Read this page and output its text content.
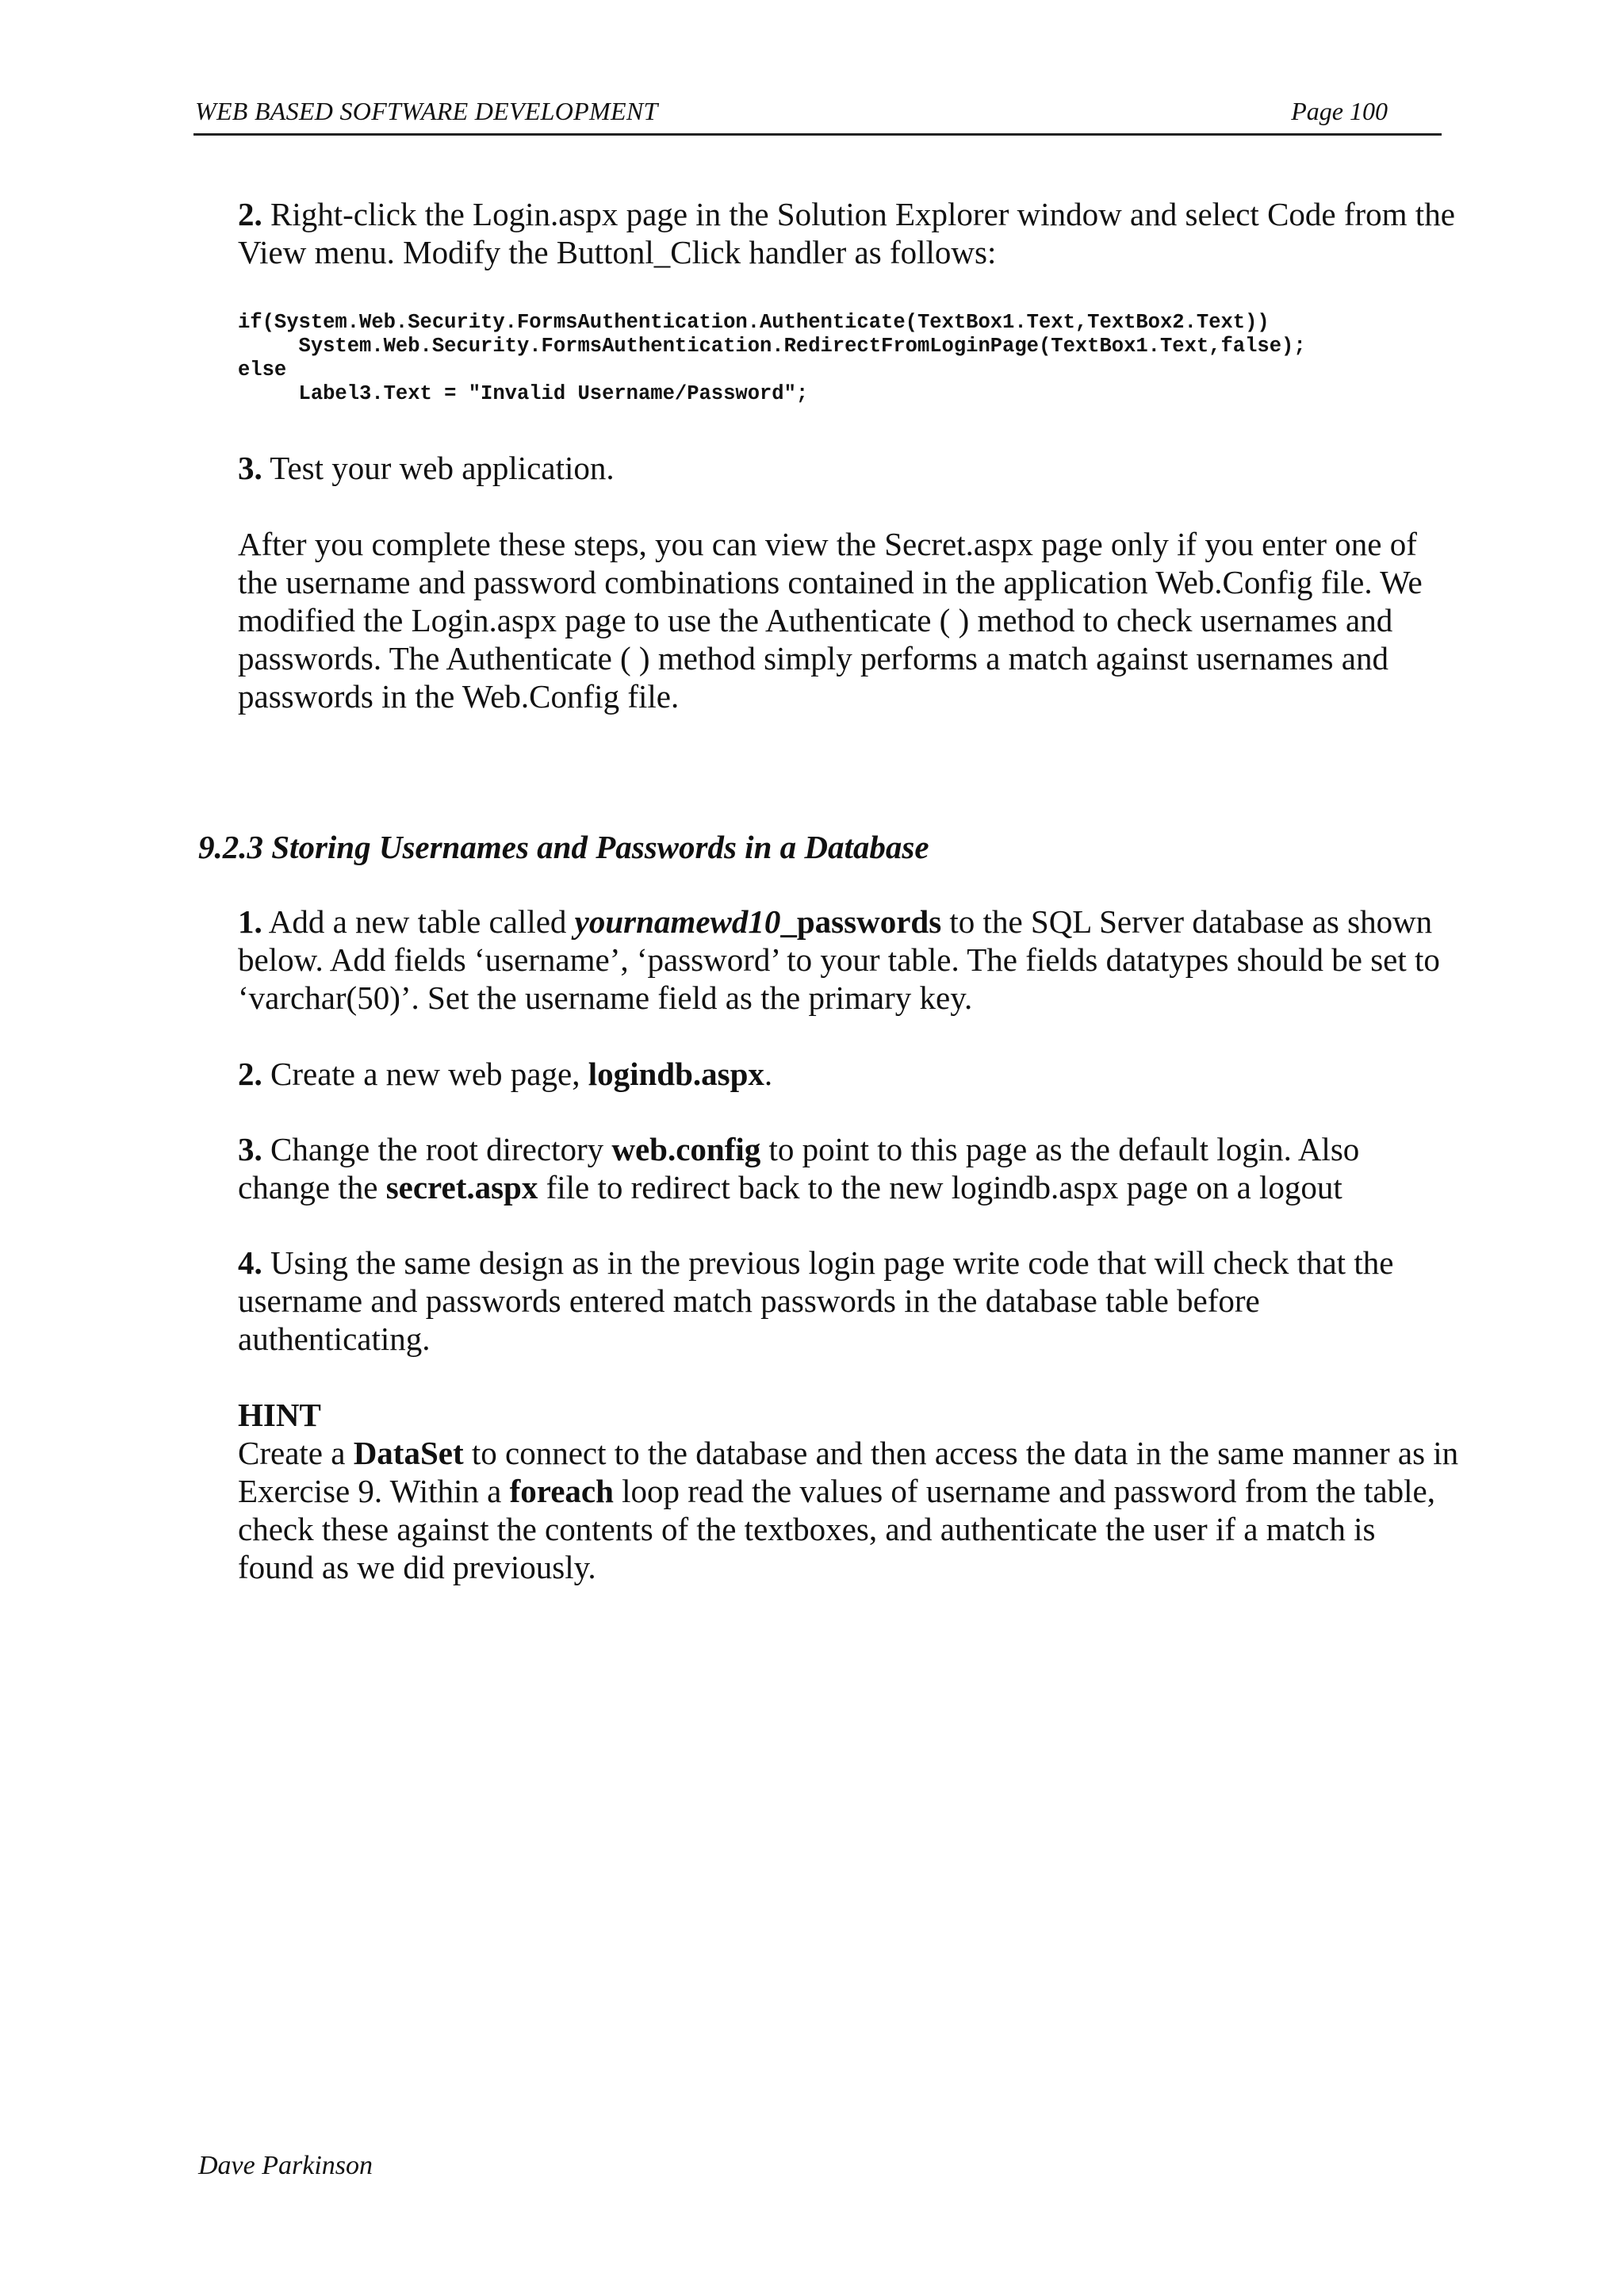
WEB BASED SOFTWARE DEVELOPMENT	Page 100

2. Right-click the Login.aspx page in the Solution Explorer window and select Code from the View menu. Modify the Buttonl_Click handler as follows:

if(System.Web.Security.FormsAuthentication.Authenticate(TextBox1.Text,TextBox2.Text))
System.Web.Security.FormsAuthentication.RedirectFromLoginPage(TextBox1.Text,false);
else
Label3.Text = "Invalid Username/Password";

3. Test your web application.

After you complete these steps, you can view the Secret.aspx page only if you enter one of the username and password combinations contained in the application Web.Config file. We modified the Login.aspx page to use the Authenticate ( ) method to check usernames and passwords. The Authenticate ( ) method simply performs a match against usernames and passwords in the Web.Config file.

9.2.3 Storing Usernames and Passwords in a Database

1. Add a new table called yournamewd10_passwords to the SQL Server database as shown below. Add fields ‘username’, ‘password’ to your table. The fields datatypes should be set to ‘varchar(50)’. Set the username field as the primary key.

2. Create a new web page, logindb.aspx.

3. Change the root directory web.config to point to this page as the default login. Also change the secret.aspx file to redirect back to the new logindb.aspx page on a logout

4. Using the same design as in the previous login page write code that will check that the username and passwords entered match passwords in the database table before authenticating.

HINT

Create a DataSet to connect to the database and then access the data in the same manner as in Exercise 9. Within a foreach loop read the values of username and password from the table, check these against the contents of the textboxes, and authenticate the user if a match is found as we did previously.

Dave Parkinson
